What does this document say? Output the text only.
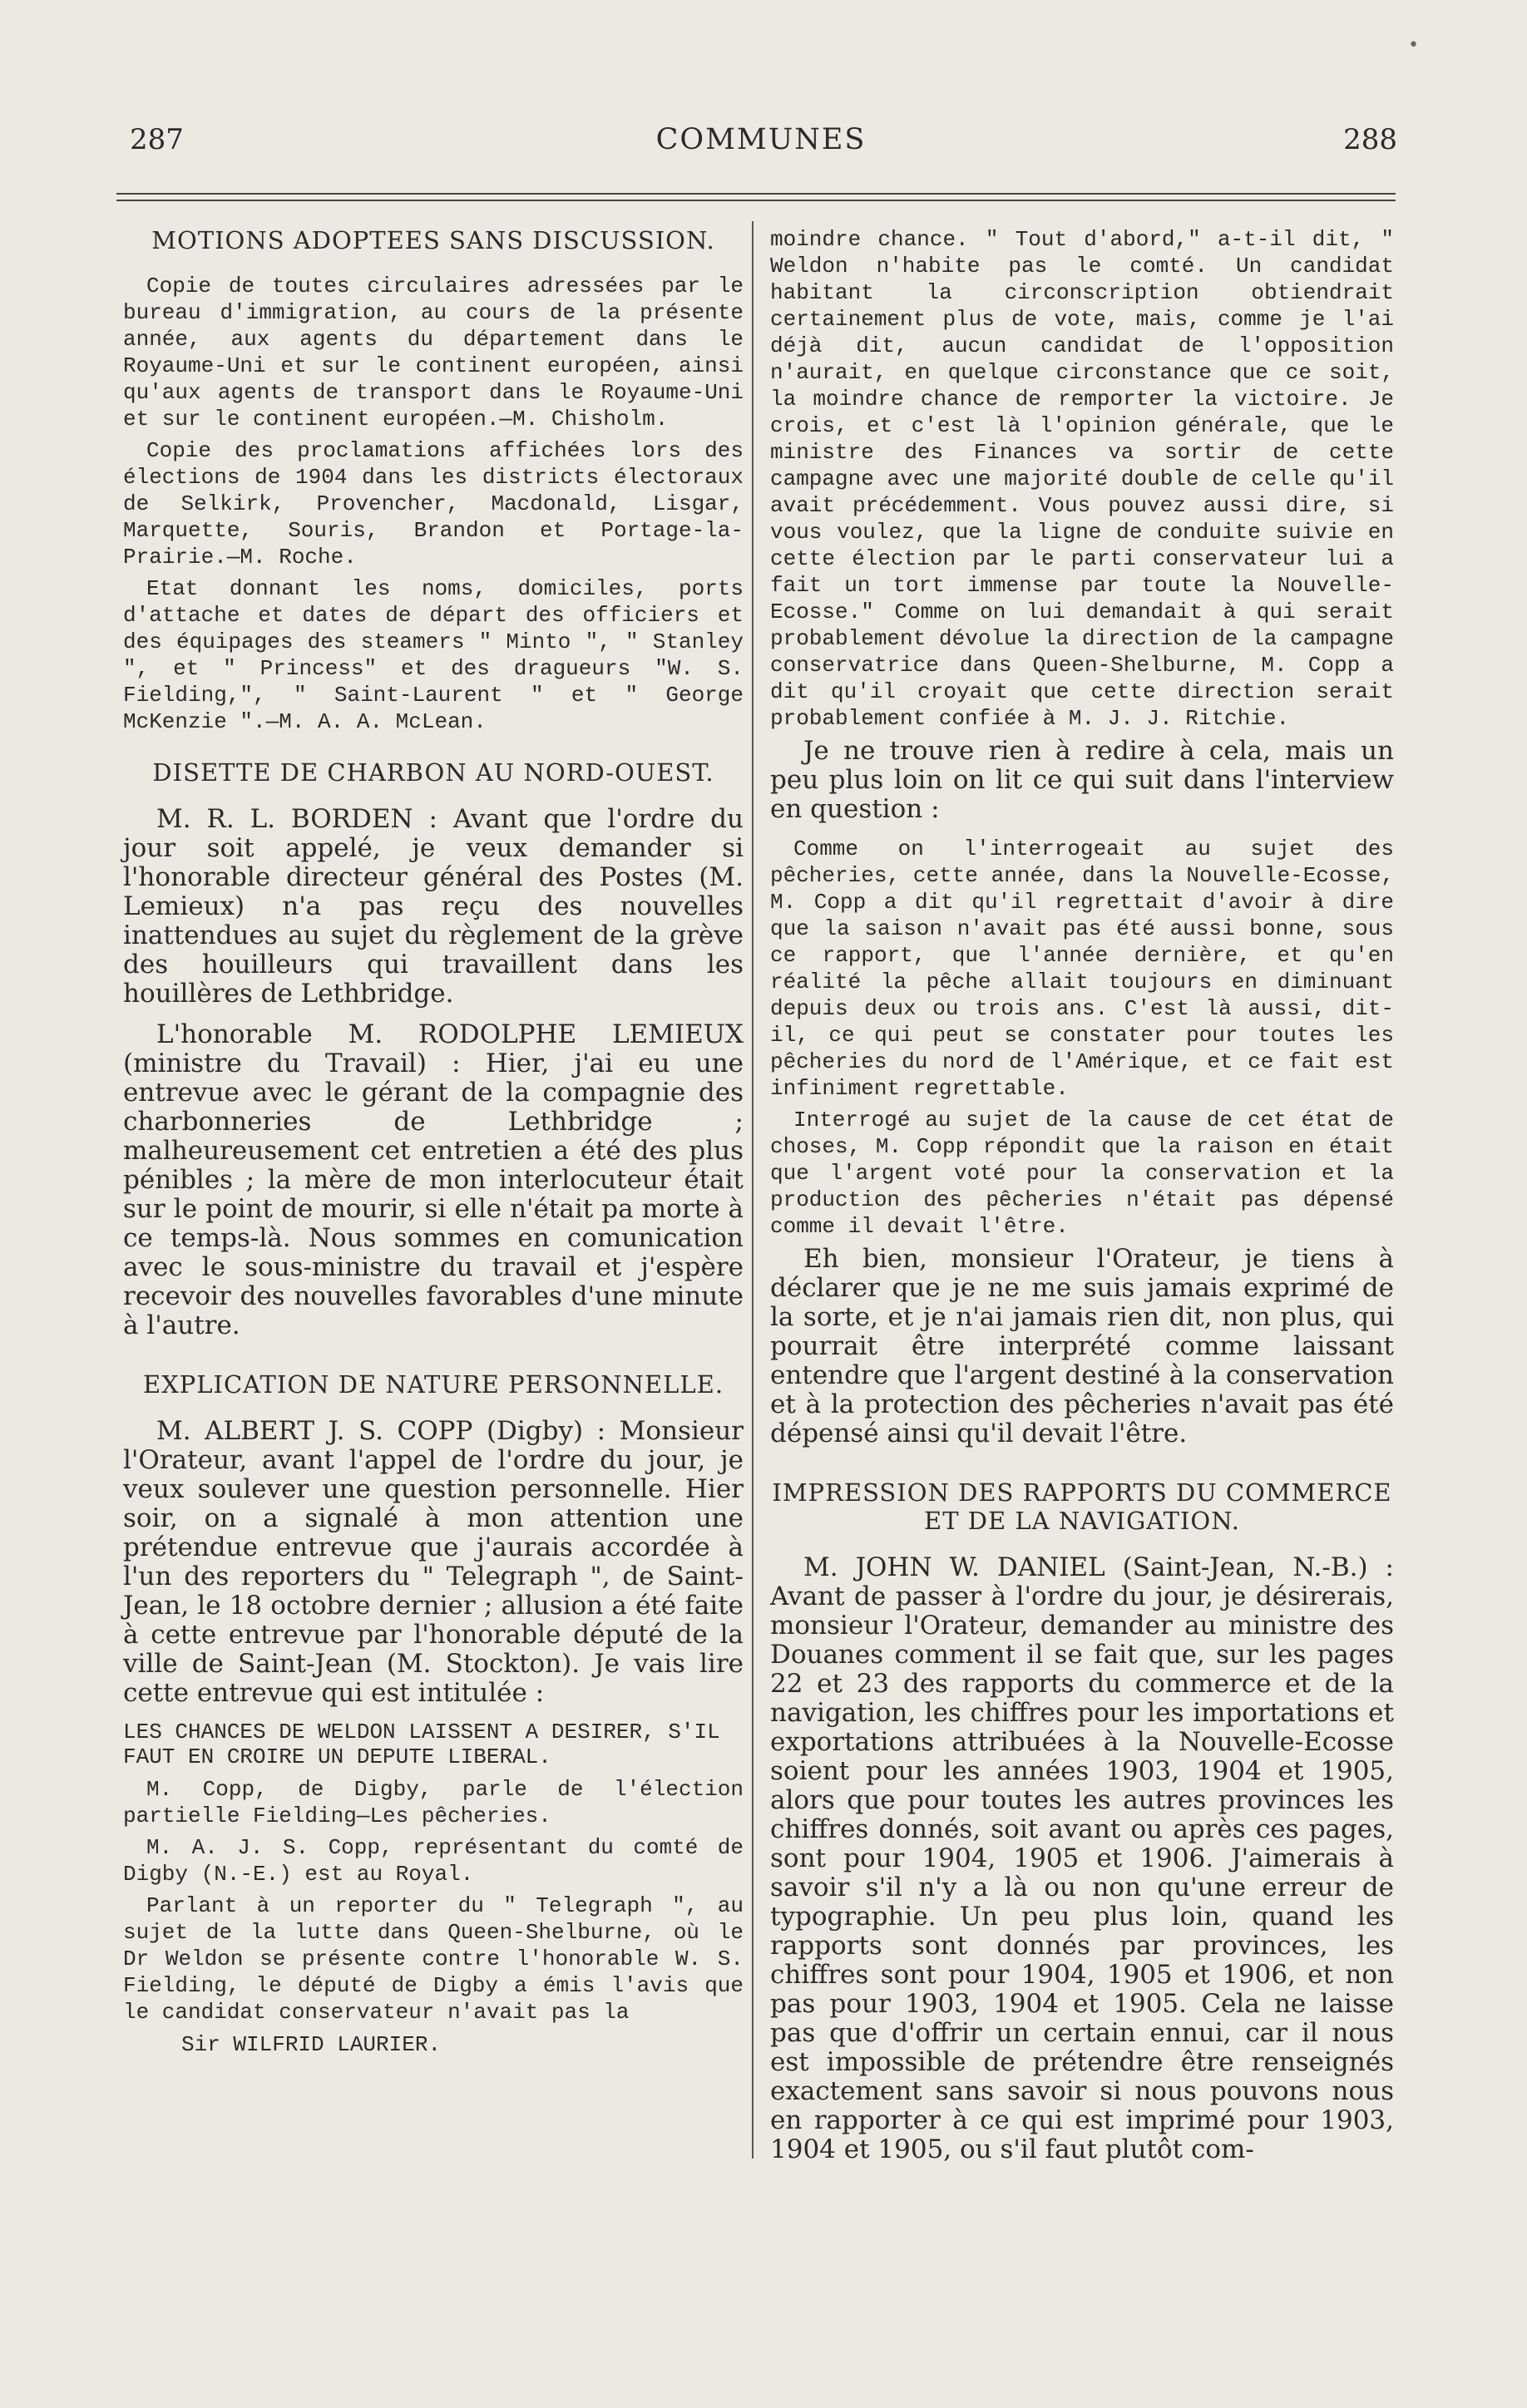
•
287	COMMUNES	288
MOTIONS ADOPTEES SANS DISCUSSION.

Copie de toutes circulaires adressées par le bureau d'immigration, au cours de la présente année, aux agents du département dans le Royaume-Uni et sur le continent européen, ainsi qu'aux agents de transport dans le Royaume-Uni et sur le continent européen.—M. Chisholm.

Copie des proclamations affichées lors des élections de 1904 dans les districts électoraux de Selkirk, Provencher, Macdonald, Lisgar, Marquette, Souris, Brandon et Portage-la-Prairie.—M. Roche.

Etat donnant les noms, domiciles, ports d'attache et dates de départ des officiers et des équipages des steamers " Minto ", " Stanley ", et " Princess" et des dragueurs "W. S. Fielding,", " Saint-Laurent " et " George McKenzie ".—M. A. A. McLean.

DISETTE DE CHARBON AU NORD-OUEST.

M. R. L. BORDEN : Avant que l'ordre du jour soit appelé, je veux demander si l'honorable directeur général des Postes (M. Lemieux) n'a pas reçu des nouvelles inattendues au sujet du règlement de la grève des houilleurs qui travaillent dans les houillères de Lethbridge.

L'honorable M. RODOLPHE LEMIEUX (ministre du Travail) : Hier, j'ai eu une entrevue avec le gérant de la compagnie des charbonneries de Lethbridge ; malheureusement cet entretien a été des plus pénibles ; la mère de mon interlocuteur était sur le point de mourir, si elle n'était pa morte à ce temps-là. Nous sommes en comunication avec le sous-ministre du travail et j'espère recevoir des nouvelles favorables d'une minute à l'autre.

EXPLICATION DE NATURE PERSONNELLE.

M. ALBERT J. S. COPP (Digby) : Monsieur l'Orateur, avant l'appel de l'ordre du jour, je veux soulever une question personnelle. Hier soir, on a signalé à mon attention une prétendue entrevue que j'aurais accordée à l'un des reporters du " Telegraph ", de Saint-Jean, le 18 octobre dernier ; allusion a été faite à cette entrevue par l'honorable député de la ville de Saint-Jean (M. Stockton). Je vais lire cette entrevue qui est intitulée :

LES CHANCES DE WELDON LAISSENT A DESIRER, S'IL FAUT EN CROIRE UN DEPUTE LIBERAL.

M. Copp, de Digby, parle de l'élection partielle Fielding—Les pêcheries.

M. A. J. S. Copp, représentant du comté de Digby (N.-E.) est au Royal.

Parlant à un reporter du " Telegraph ", au sujet de la lutte dans Queen-Shelburne, où le Dr Weldon se présente contre l'honorable W. S. Fielding, le député de Digby a émis l'avis que le candidat conservateur n'avait pas la

Sir WILFRID LAURIER.

moindre chance. " Tout d'abord," a-t-il dit, " Weldon n'habite pas le comté. Un candidat habitant la circonscription obtiendrait certainement plus de vote, mais, comme je l'ai déjà dit, aucun candidat de l'opposition n'aurait, en quelque circonstance que ce soit, la moindre chance de remporter la victoire. Je crois, et c'est là l'opinion générale, que le ministre des Finances va sortir de cette campagne avec une majorité double de celle qu'il avait précédemment. Vous pouvez aussi dire, si vous voulez, que la ligne de conduite suivie en cette élection par le parti conservateur lui a fait un tort immense par toute la Nouvelle-Ecosse." Comme on lui demandait à qui serait probablement dévolue la direction de la campagne conservatrice dans Queen-Shelburne, M. Copp a dit qu'il croyait que cette direction serait probablement confiée à M. J. J. Ritchie.

Je ne trouve rien à redire à cela, mais un peu plus loin on lit ce qui suit dans l'interview en question :

Comme on l'interrogeait au sujet des pêcheries, cette année, dans la Nouvelle-Ecosse, M. Copp a dit qu'il regrettait d'avoir à dire que la saison n'avait pas été aussi bonne, sous ce rapport, que l'année dernière, et qu'en réalité la pêche allait toujours en diminuant depuis deux ou trois ans. C'est là aussi, dit-il, ce qui peut se constater pour toutes les pêcheries du nord de l'Amérique, et ce fait est infiniment regrettable.

Interrogé au sujet de la cause de cet état de choses, M. Copp répondit que la raison en était que l'argent voté pour la conservation et la production des pêcheries n'était pas dépensé comme il devait l'être.

Eh bien, monsieur l'Orateur, je tiens à déclarer que je ne me suis jamais exprimé de la sorte, et je n'ai jamais rien dit, non plus, qui pourrait être interprété comme laissant entendre que l'argent destiné à la conservation et à la protection des pêcheries n'avait pas été dépensé ainsi qu'il devait l'être.

IMPRESSION DES RAPPORTS DU COMMERCE ET DE LA NAVIGATION.

M. JOHN W. DANIEL (Saint-Jean, N.-B.) : Avant de passer à l'ordre du jour, je désirerais, monsieur l'Orateur, demander au ministre des Douanes comment il se fait que, sur les pages 22 et 23 des rapports du commerce et de la navigation, les chiffres pour les importations et exportations attribuées à la Nouvelle-Ecosse soient pour les années 1903, 1904 et 1905, alors que pour toutes les autres provinces les chiffres donnés, soit avant ou après ces pages, sont pour 1904, 1905 et 1906. J'aimerais à savoir s'il n'y a là ou non qu'une erreur de typographie. Un peu plus loin, quand les rapports sont donnés par provinces, les chiffres sont pour 1904, 1905 et 1906, et non pas pour 1903, 1904 et 1905. Cela ne laisse pas que d'offrir un certain ennui, car il nous est impossible de prétendre être renseignés exactement sans savoir si nous pouvons nous en rapporter à ce qui est imprimé pour 1903, 1904 et 1905, ou s'il faut plutôt com-
